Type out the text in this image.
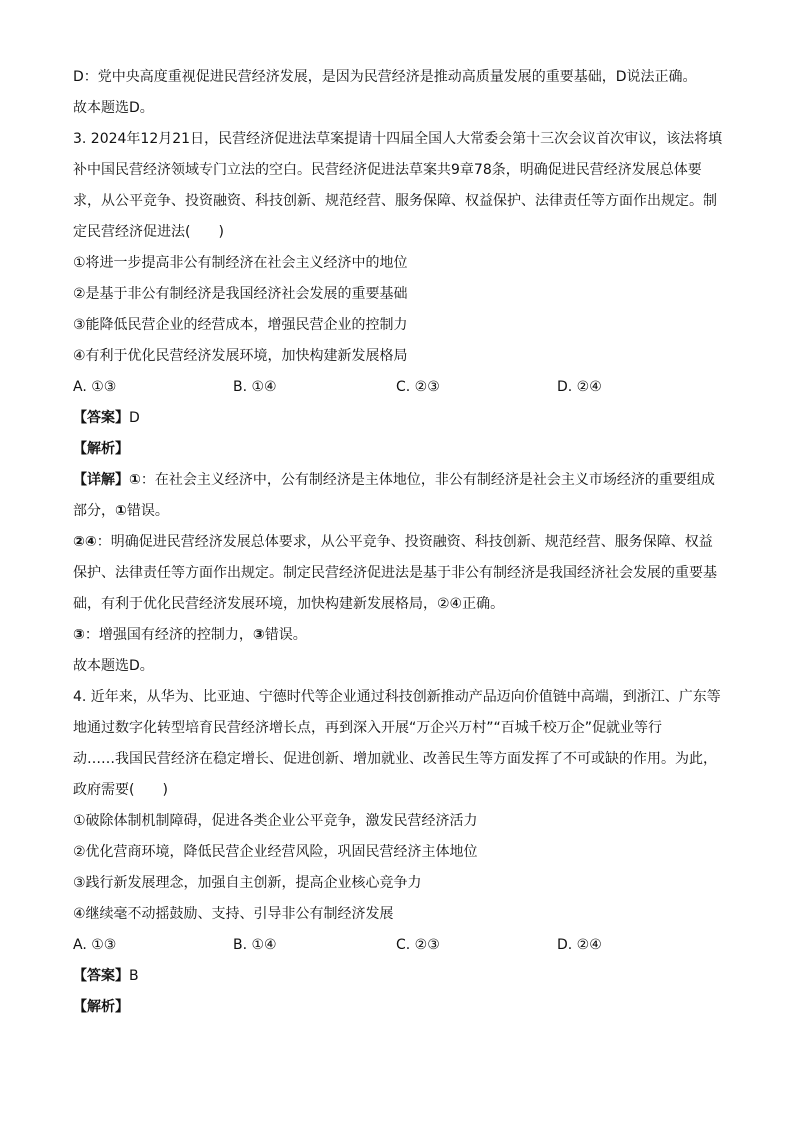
D：党中央高度重视促进民营经济发展，是因为民营经济是推动高质量发展的重要基础，D说法正确。
故本题选D。
3. 2024年12月21日，民营经济促进法草案提请十四届全国人大常委会第十三次会议首次审议，该法将填
补中国民营经济领域专门立法的空白。民营经济促进法草案共9章78条，明确促进民营经济发展总体要
求，从公平竞争、投资融资、科技创新、规范经营、服务保障、权益保护、法律责任等方面作出规定。制
定民营经济促进法(　　)
①将进一步提高非公有制经济在社会主义经济中的地位
②是基于非公有制经济是我国经济社会发展的重要基础
③能降低民营企业的经营成本，增强民营企业的控制力
④有利于优化民营经济发展环境，加快构建新发展格局
A. ①③	B. ①④	C. ②③	D. ②④
【答案】D
【解析】
【详解】①：在社会主义经济中，公有制经济是主体地位，非公有制经济是社会主义市场经济的重要组成
部分，①错误。
②④：明确促进民营经济发展总体要求，从公平竞争、投资融资、科技创新、规范经营、服务保障、权益
保护、法律责任等方面作出规定。制定民营经济促进法是基于非公有制经济是我国经济社会发展的重要基
础，有利于优化民营经济发展环境，加快构建新发展格局，②④正确。
③：增强国有经济的控制力，③错误。
故本题选D。
4. 近年来，从华为、比亚迪、宁德时代等企业通过科技创新推动产品迈向价值链中高端，到浙江、广东等
地通过数字化转型培育民营经济增长点，再到深入开展“万企兴万村”“百城千校万企”促就业等行
动……我国民营经济在稳定增长、促进创新、增加就业、改善民生等方面发挥了不可或缺的作用。为此，
政府需要(　　)
①破除体制机制障碍，促进各类企业公平竞争，激发民营经济活力
②优化营商环境，降低民营企业经营风险，巩固民营经济主体地位
③践行新发展理念，加强自主创新，提高企业核心竞争力
④继续毫不动摇鼓励、支持、引导非公有制经济发展
A. ①③	B. ①④	C. ②③	D. ②④
【答案】B
【解析】
